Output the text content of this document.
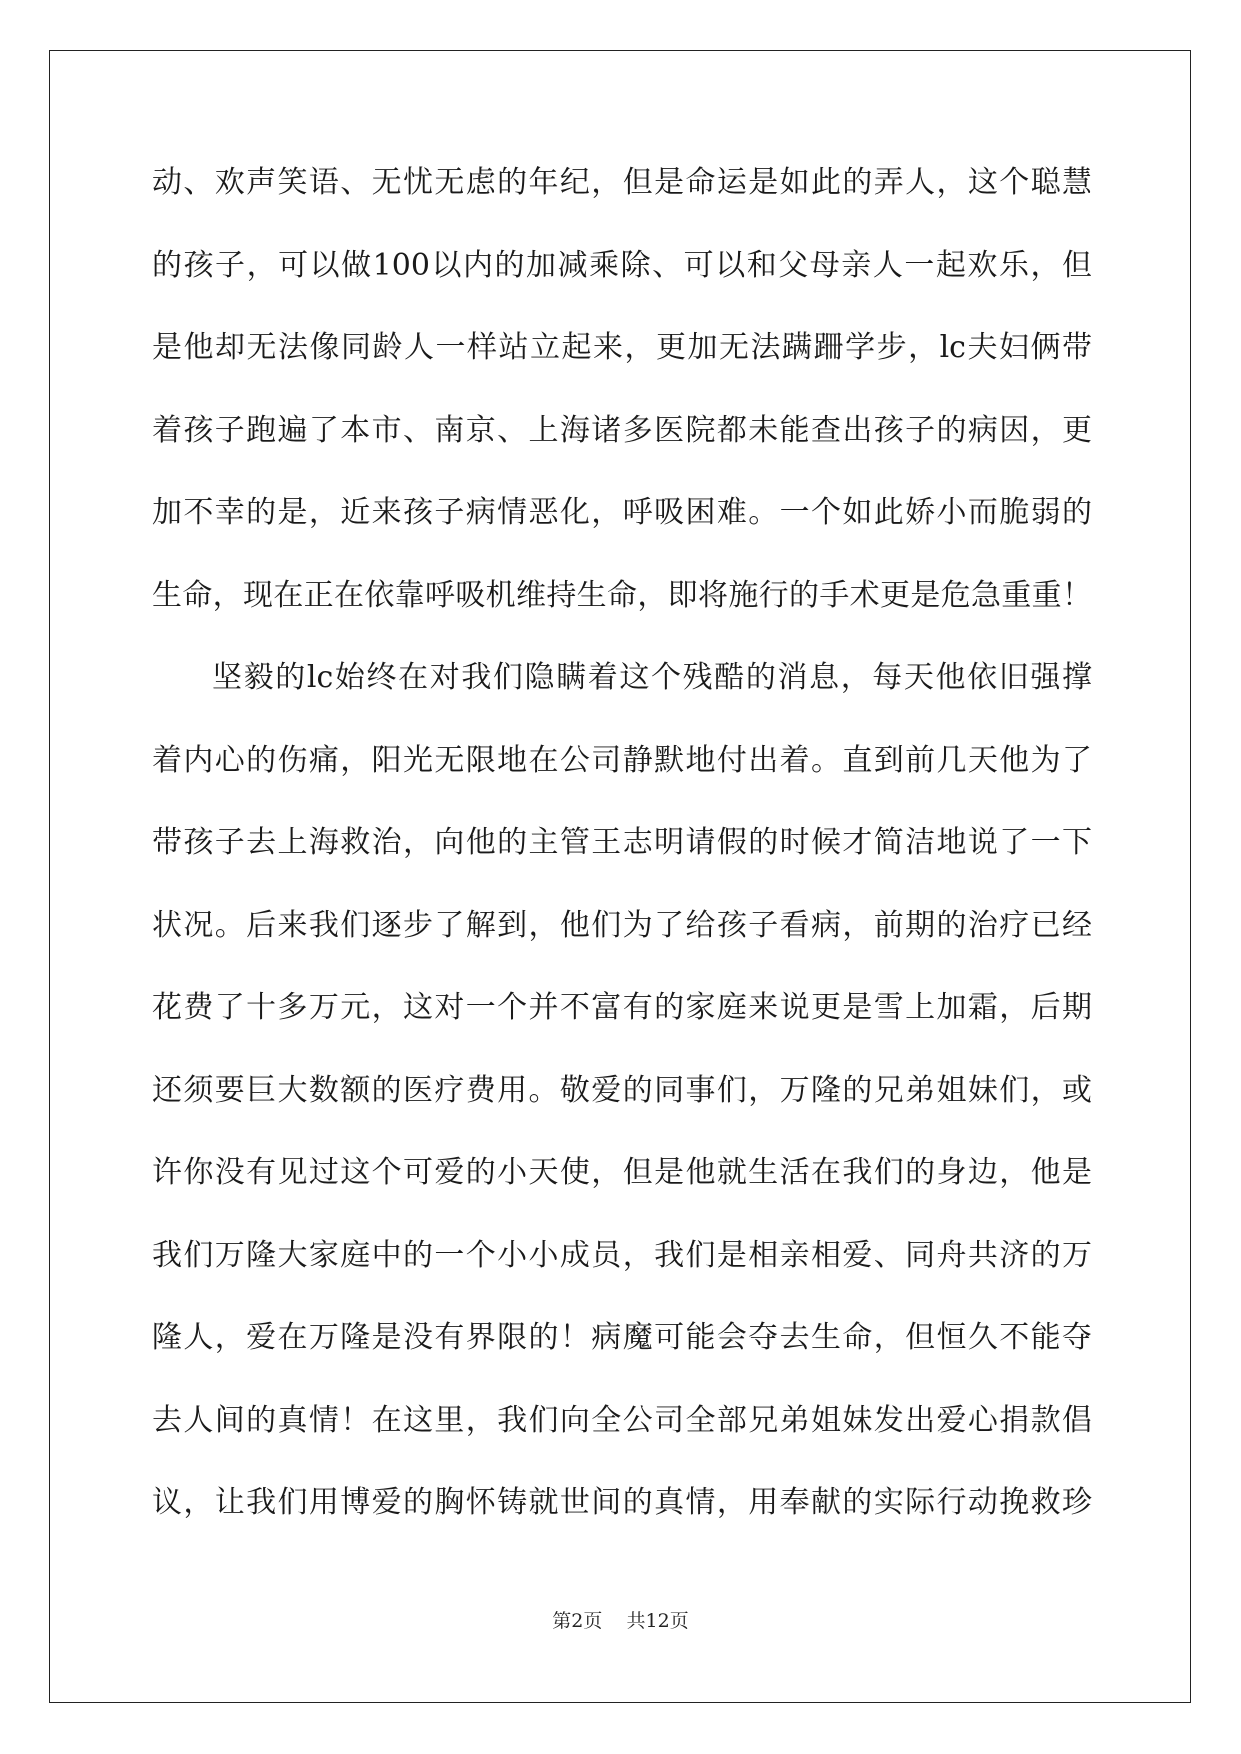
动、欢声笑语、无忧无虑的年纪，但是命运是如此的弄人，这个聪慧
的孩子，可以做100以内的加减乘除、可以和父母亲人一起欢乐，但
是他却无法像同龄人一样站立起来，更加无法蹒跚学步，lc夫妇俩带
着孩子跑遍了本市、南京、上海诸多医院都未能查出孩子的病因，更
加不幸的是，近来孩子病情恶化，呼吸困难。一个如此娇小而脆弱的
生命，现在正在依靠呼吸机维持生命，即将施行的手术更是危急重重！
坚毅的lc始终在对我们隐瞒着这个残酷的消息，每天他依旧强撑
着内心的伤痛，阳光无限地在公司静默地付出着。直到前几天他为了
带孩子去上海救治，向他的主管王志明请假的时候才简洁地说了一下
状况。后来我们逐步了解到，他们为了给孩子看病，前期的治疗已经
花费了十多万元，这对一个并不富有的家庭来说更是雪上加霜，后期
还须要巨大数额的医疗费用。敬爱的同事们，万隆的兄弟姐妹们，或
许你没有见过这个可爱的小天使，但是他就生活在我们的身边，他是
我们万隆大家庭中的一个小小成员，我们是相亲相爱、同舟共济的万
隆人，爱在万隆是没有界限的！病魔可能会夺去生命，但恒久不能夺
去人间的真情！在这里，我们向全公司全部兄弟姐妹发出爱心捐款倡
议，让我们用博爱的胸怀铸就世间的真情，用奉献的实际行动挽救珍
第2页 共12页
